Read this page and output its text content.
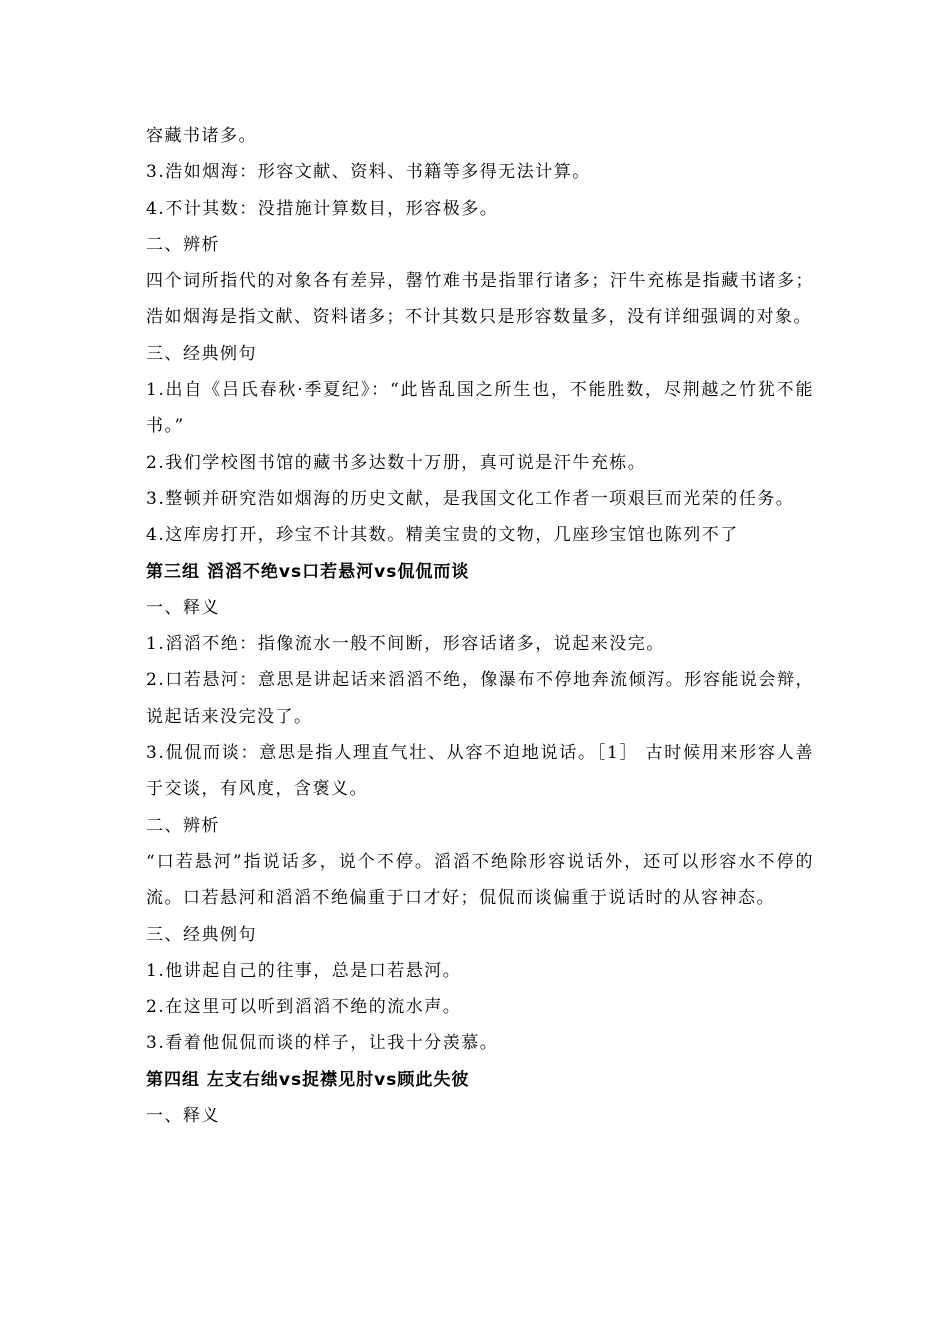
容藏书诸多。

3.浩如烟海：形容文献、资料、书籍等多得无法计算。

4.不计其数：没措施计算数目，形容极多。

二、辨析

四个词所指代的对象各有差异，罄竹难书是指罪行诸多；汗牛充栋是指藏书诸多；浩如烟海是指文献、资料诸多；不计其数只是形容数量多，没有详细强调的对象。

三、经典例句

1.出自《吕氏春秋·季夏纪》：“此皆乱国之所生也，不能胜数，尽荆越之竹犹不能书。”

2.我们学校图书馆的藏书多达数十万册，真可说是汗牛充栋。

3.整顿并研究浩如烟海的历史文献，是我国文化工作者一项艰巨而光荣的任务。

4.这库房打开，珍宝不计其数。精美宝贵的文物，几座珍宝馆也陈列不了

第三组 滔滔不绝vs口若悬河vs侃侃而谈

一、释义

1.滔滔不绝：指像流水一般不间断，形容话诸多，说起来没完。

2.口若悬河：意思是讲起话来滔滔不绝，像瀑布不停地奔流倾泻。形容能说会辩，说起话来没完没了。

3.侃侃而谈：意思是指人理直气壮、从容不迫地说话。［1］ 古时候用来形容人善于交谈，有风度，含褒义。

二、辨析

“口若悬河”指说话多，说个不停。滔滔不绝除形容说话外，还可以形容水不停的流。口若悬河和滔滔不绝偏重于口才好；侃侃而谈偏重于说话时的从容神态。

三、经典例句

1.他讲起自己的往事，总是口若悬河。

2.在这里可以听到滔滔不绝的流水声。

3.看着他侃侃而谈的样子，让我十分羡慕。

第四组 左支右绌vs捉襟见肘vs顾此失彼

一、释义
